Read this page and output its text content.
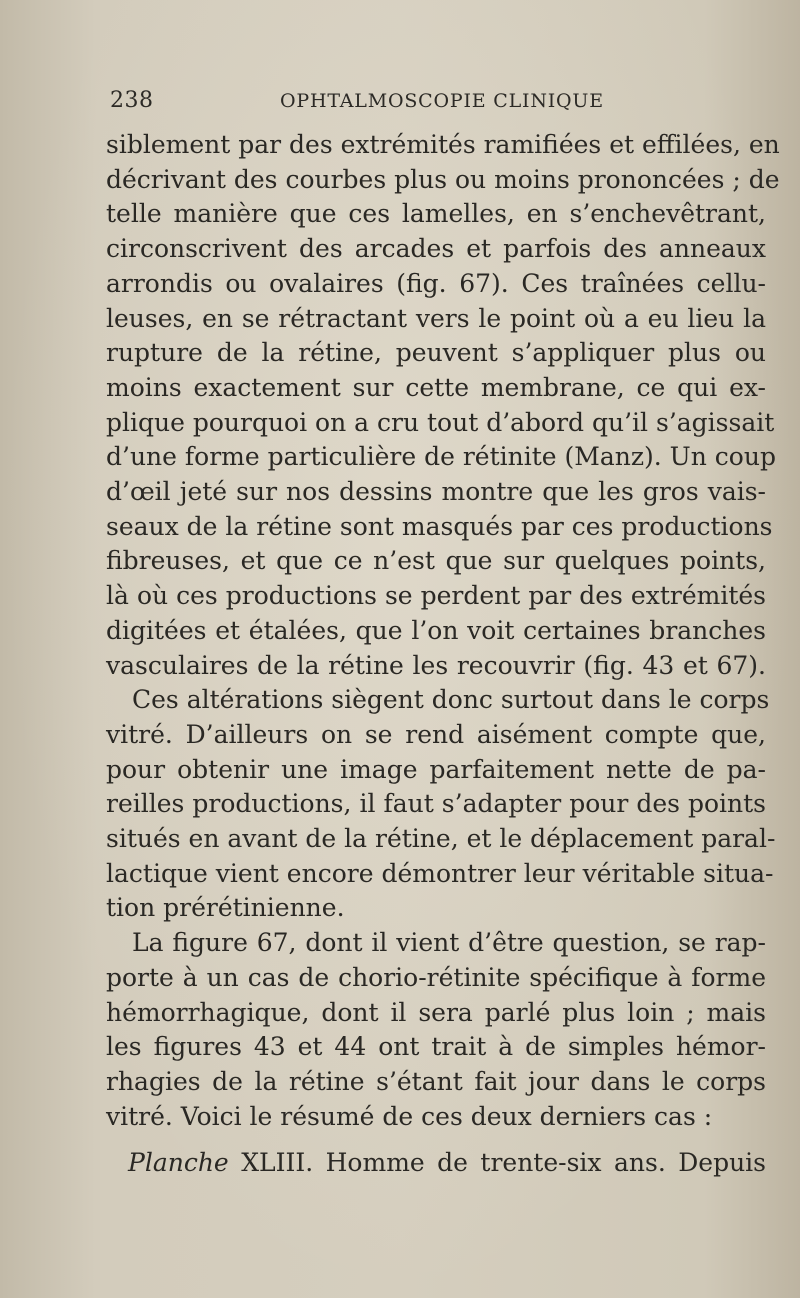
238	OPHTALMOSCOPIE CLINIQUE
siblement par des extrémités ramifiées et effilées, en
décrivant des courbes plus ou moins prononcées ; de
telle manière que ces lamelles, en s’enchevêtrant,
circonscrivent des arcades et parfois des anneaux
arrondis ou ovalaires (fig. 67). Ces traînées cellu-
leuses, en se rétractant vers le point où a eu lieu la
rupture de la rétine, peuvent s’appliquer plus ou
moins exactement sur cette membrane, ce qui ex-
plique pourquoi on a cru tout d’abord qu’il s’agissait
d’une forme particulière de rétinite (Manz). Un coup
d’œil jeté sur nos dessins montre que les gros vais-
seaux de la rétine sont masqués par ces productions
fibreuses, et que ce n’est que sur quelques points,
là où ces productions se perdent par des extrémités
digitées et étalées, que l’on voit certaines branches
vasculaires de la rétine les recouvrir (fig. 43 et 67).
Ces altérations siègent donc surtout dans le corps
vitré. D’ailleurs on se rend aisément compte que,
pour obtenir une image parfaitement nette de pa-
reilles productions, il faut s’adapter pour des points
situés en avant de la rétine, et le déplacement paral-
lactique vient encore démontrer leur véritable situa-
tion prérétinienne.
La figure 67, dont il vient d’être question, se rap-
porte à un cas de chorio-rétinite spécifique à forme
hémorrhagique, dont il sera parlé plus loin ; mais
les figures 43 et 44 ont trait à de simples hémor-
rhagies de la rétine s’étant fait jour dans le corps
vitré. Voici le résumé de ces deux derniers cas :
Planche XLIII. Homme de trente-six ans. Depuis
